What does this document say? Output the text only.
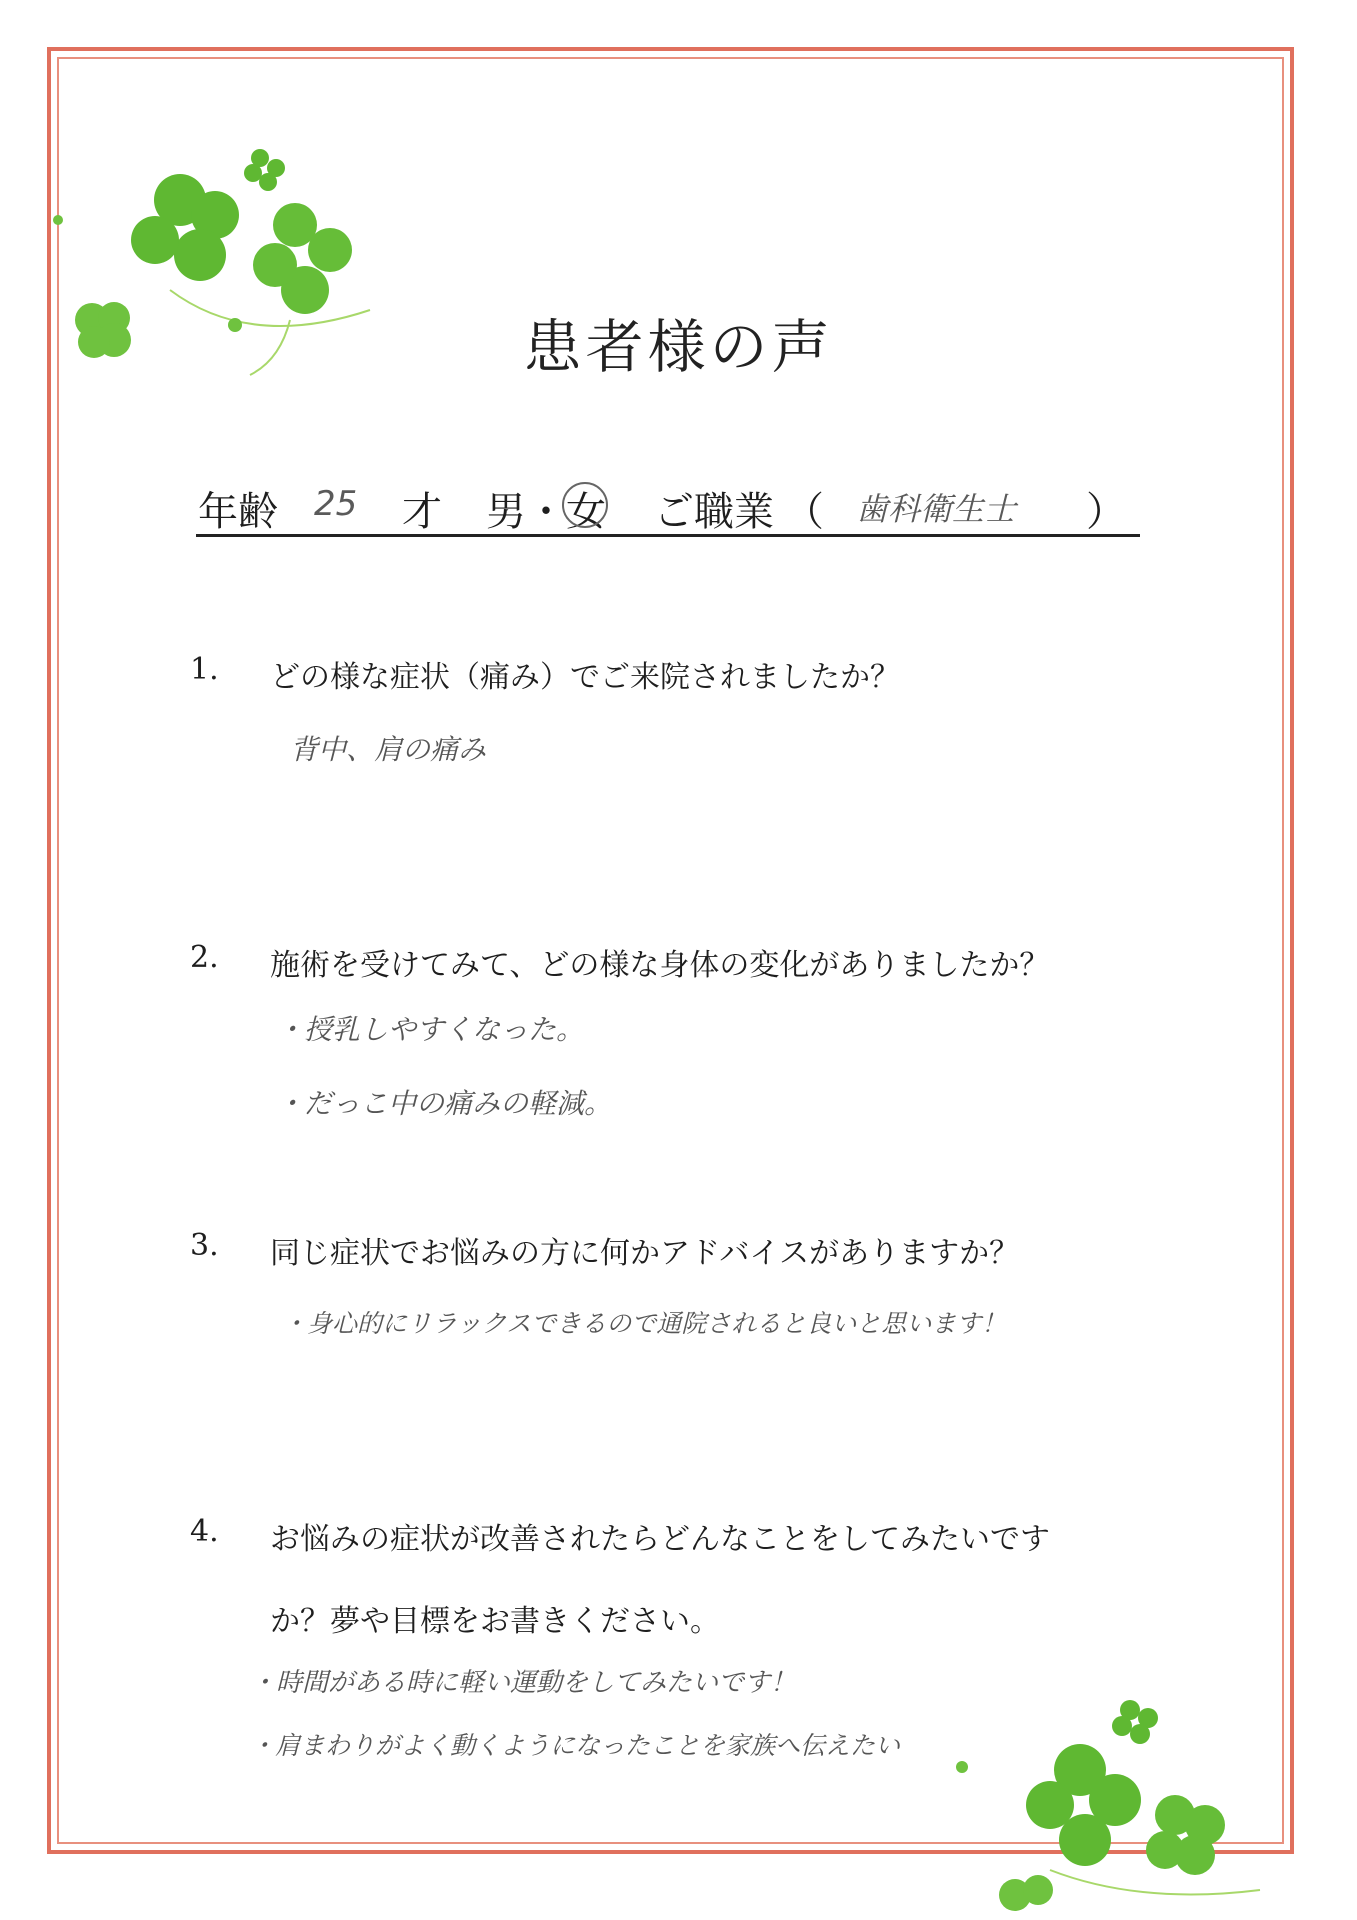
患者様の声
年齢 25 才 男 ・ 女 ご職業 （ 歯科衛生士 ）
1. どの様な症状（痛み）でご来院されましたか？
背中、肩の痛み
2. 施術を受けてみて、どの様な身体の変化がありましたか？
・授乳しやすくなった。
・だっこ中の痛みの軽減。
3. 同じ症状でお悩みの方に何かアドバイスがありますか？
・身心的にリラックスできるので通院されると良いと思います！
4. お悩みの症状が改善されたらどんなことをしてみたいです
か？夢や目標をお書きください。
・時間がある時に軽い運動をしてみたいです！
・肩まわりがよく動くようになったことを家族へ伝えたい
